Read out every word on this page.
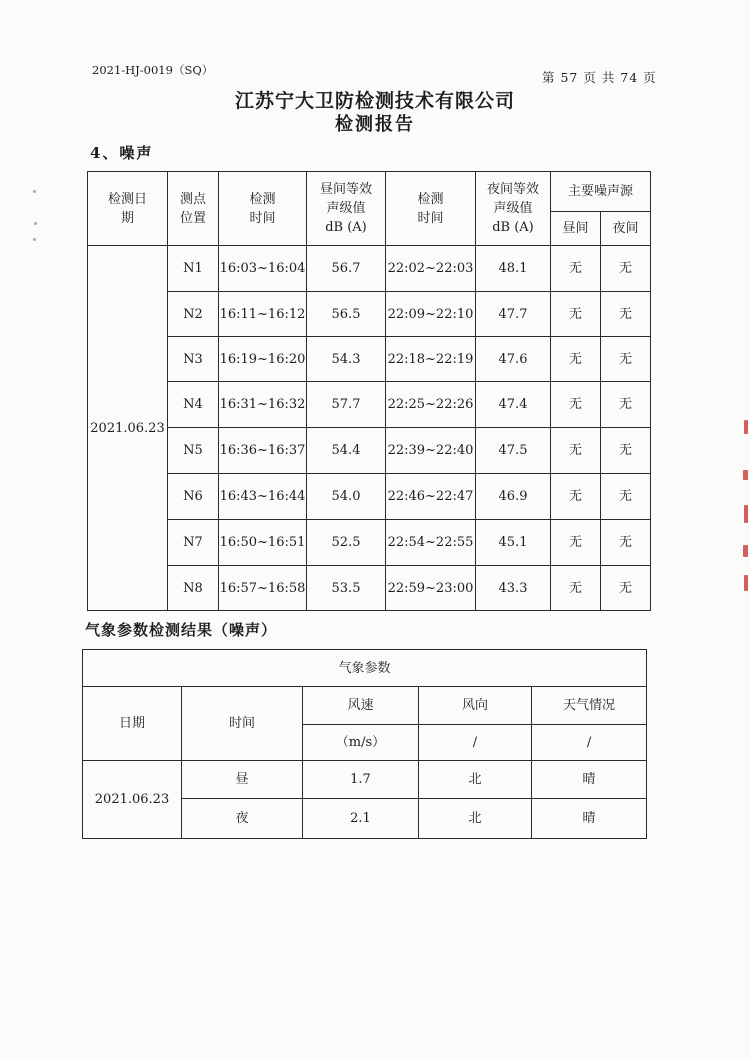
2021-HJ-0019（SQ）	第 57 页 共 74 页
江苏宁大卫防检测技术有限公司
检测报告
4、噪声
检测日期	测点位置	检测时间	昼间等效声级值dB (A)	检测时间	夜间等效声级值dB (A)	主要噪声源	
						昼间	夜间
2021.06.23	N1	16:03~16:04	56.7	22:02~22:03	48.1	无	无
	N2	16:11~16:12	56.5	22:09~22:10	47.7	无	无
	N3	16:19~16:20	54.3	22:18~22:19	47.6	无	无
	N4	16:31~16:32	57.7	22:25~22:26	47.4	无	无
	N5	16:36~16:37	54.4	22:39~22:40	47.5	无	无
	N6	16:43~16:44	54.0	22:46~22:47	46.9	无	无
	N7	16:50~16:51	52.5	22:54~22:55	45.1	无	无
	N8	16:57~16:58	53.5	22:59~23:00	43.3	无	无
气象参数检测结果（噪声）
气象参数				
日期	时间	风速	风向	天气情况
		（m/s）	/	/
2021.06.23	昼	1.7	北	晴
	夜	2.1	北	晴
